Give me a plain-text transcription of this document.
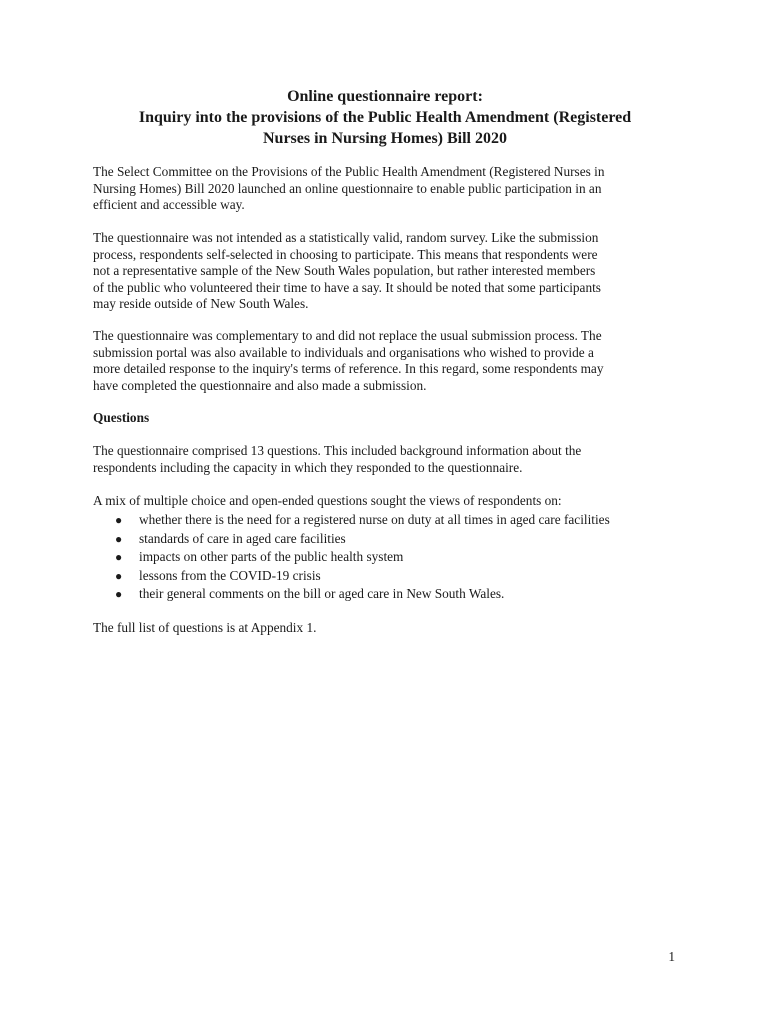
Online questionnaire report:
Inquiry into the provisions of the Public Health Amendment (Registered
Nurses in Nursing Homes) Bill 2020
The Select Committee on the Provisions of the Public Health Amendment (Registered Nurses in
Nursing Homes) Bill 2020 launched an online questionnaire to enable public participation in an
efficient and accessible way.
The questionnaire was not intended as a statistically valid, random survey. Like the submission
process, respondents self-selected in choosing to participate. This means that respondents were
not a representative sample of the New South Wales population, but rather interested members
of the public who volunteered their time to have a say. It should be noted that some participants
may reside outside of New South Wales.
The questionnaire was complementary to and did not replace the usual submission process. The
submission portal was also available to individuals and organisations who wished to provide a
more detailed response to the inquiry's terms of reference. In this regard, some respondents may
have completed the questionnaire and also made a submission.
Questions
The questionnaire comprised 13 questions. This included background information about the
respondents including the capacity in which they responded to the questionnaire.
A mix of multiple choice and open-ended questions sought the views of respondents on:
● whether there is the need for a registered nurse on duty at all times in aged care facilities
● standards of care in aged care facilities
● impacts on other parts of the public health system
● lessons from the COVID-19 crisis
● their general comments on the bill or aged care in New South Wales.
The full list of questions is at Appendix 1.
1
